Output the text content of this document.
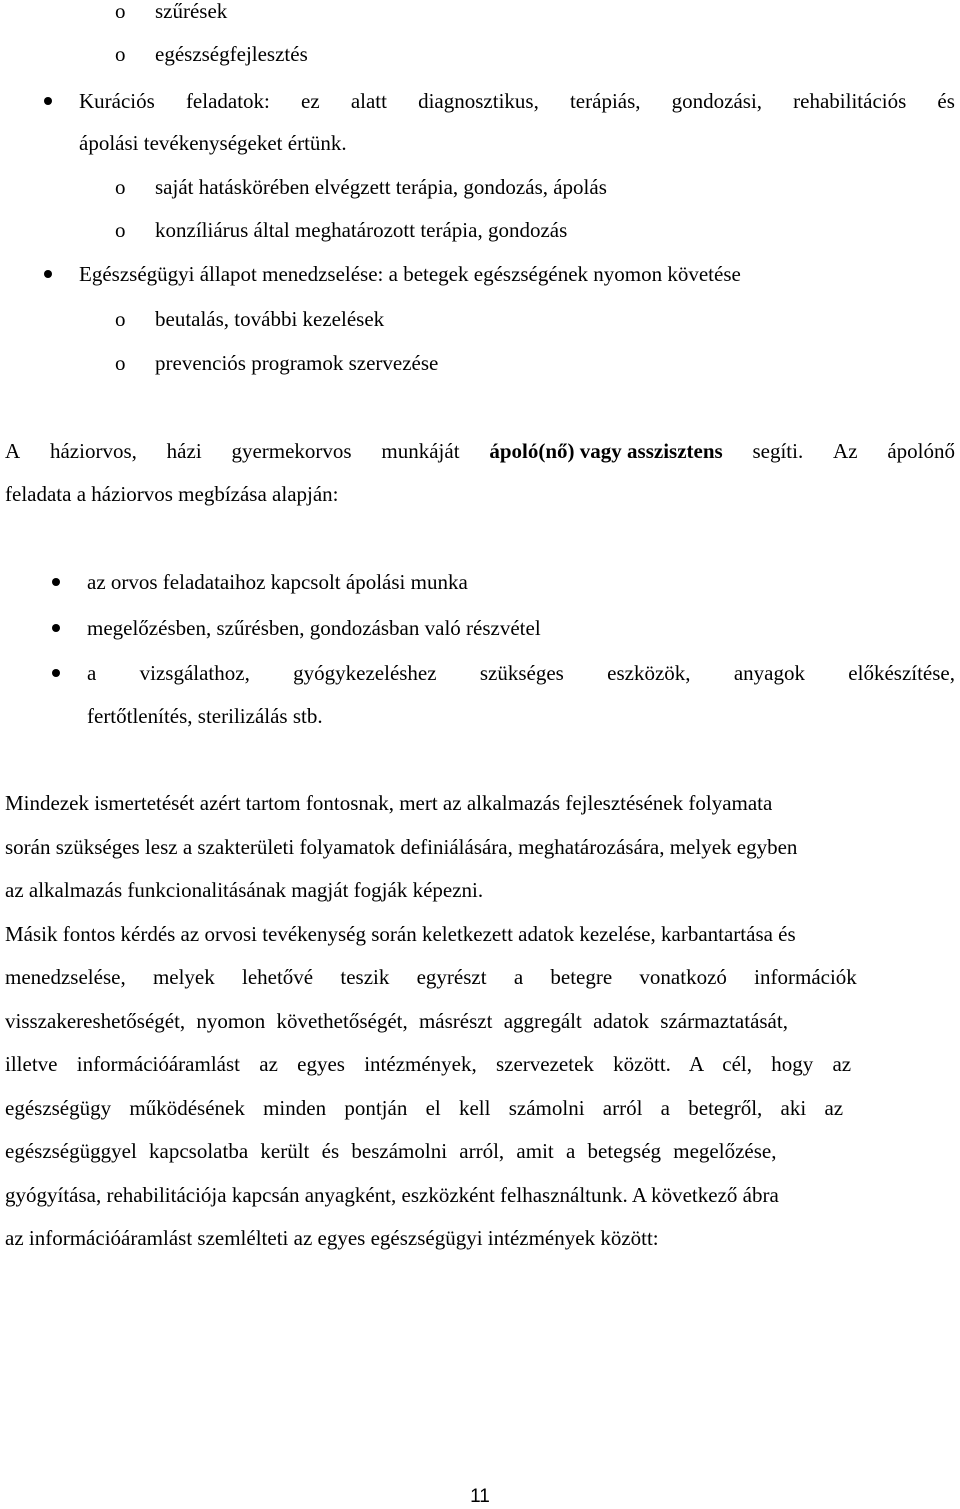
o szűrések
o egészségfejlesztés
Kurációs feladatok: ez alatt diagnosztikus, terápiás, gondozási, rehabilitációs és
ápolási tevékenységeket értünk.
o saját hatáskörében elvégzett terápia, gondozás, ápolás
o konzíliárus által meghatározott terápia, gondozás
Egészségügyi állapot menedzselése: a betegek egészségének nyomon követése
o beutalás, további kezelések
o prevenciós programok szervezése
A háziorvos, házi gyermekorvos munkáját ápoló(nő) vagy asszisztens segíti. Az ápolónő
feladata a háziorvos megbízása alapján:
az orvos feladataihoz kapcsolt ápolási munka
megelőzésben, szűrésben, gondozásban való részvétel
a vizsgálathoz, gyógykezeléshez szükséges eszközök, anyagok előkészítése,
fertőtlenítés, sterilizálás stb.
Mindezek ismertetését azért tartom fontosnak, mert az alkalmazás fejlesztésének folyamata
során szükséges lesz a szakterületi folyamatok definiálására, meghatározására, melyek egyben
az alkalmazás funkcionalitásának magját fogják képezni.
Másik fontos kérdés az orvosi tevékenység során keletkezett adatok kezelése, karbantartása és
menedzselése, melyek lehetővé teszik egyrészt a betegre vonatkozó információk
visszakereshetőségét, nyomon követhetőségét, másrészt aggregált adatok származtatását,
illetve információáramlást az egyes intézmények, szervezetek között. A cél, hogy az
egészségügy működésének minden pontján el kell számolni arról a betegről, aki az
egészségüggyel kapcsolatba került és beszámolni arról, amit a betegség megelőzése,
gyógyítása, rehabilitációja kapcsán anyagként, eszközként felhasználtunk. A következő ábra
az információáramlást szemlélteti az egyes egészségügyi intézmények között:
11
